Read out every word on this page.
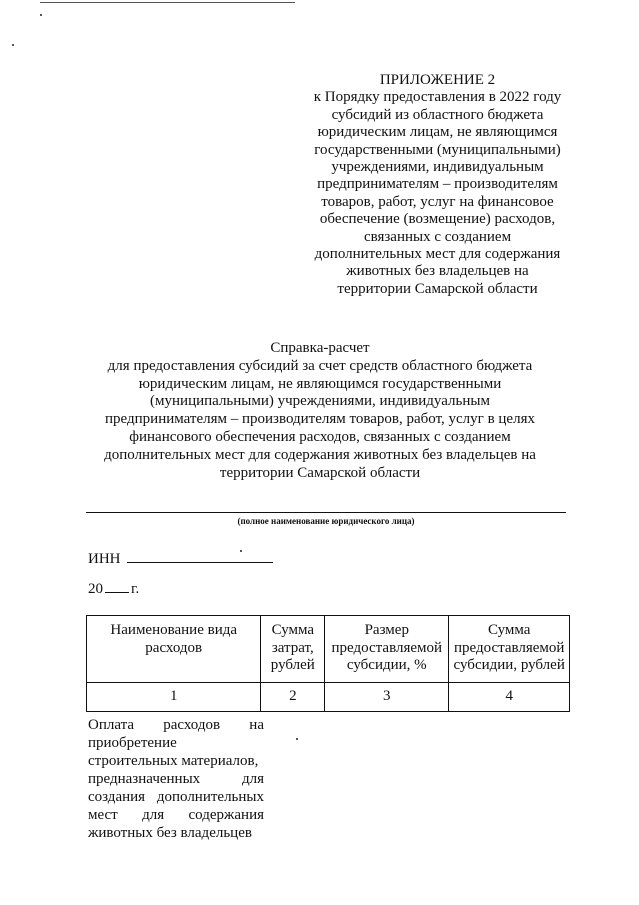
ПРИЛОЖЕНИЕ 2
к Порядку предоставления в 2022 году
субсидий из областного бюджета
юридическим лицам, не являющимся
государственными (муниципальными)
учреждениями, индивидуальным
предпринимателям – производителям
товаров, работ, услуг на финансовое
обеспечение (возмещение) расходов,
связанных с созданием
дополнительных мест для содержания
животных без владельцев на
территории Самарской области
Справка-расчет
для предоставления субсидий за счет средств областного бюджета
юридическим лицам, не являющимся государственными
(муниципальными) учреждениями, индивидуальным
предпринимателям – производителям товаров, работ, услуг в целях
финансового обеспечения расходов, связанных с созданием
дополнительных мест для содержания животных без владельцев на
территории Самарской области
(полное наименование юридического лица)
ИНН
20 г.
Наименование вида расходов	Сумма затрат, рублей	Размер предоставляемой субсидии, %	Сумма предоставляемой субсидии, рублей
1	2	3	4
Оплата расходов на
приобретение
строительных материалов,
предназначенных для
создания дополнительных
мест для содержания
животных без владельцев
